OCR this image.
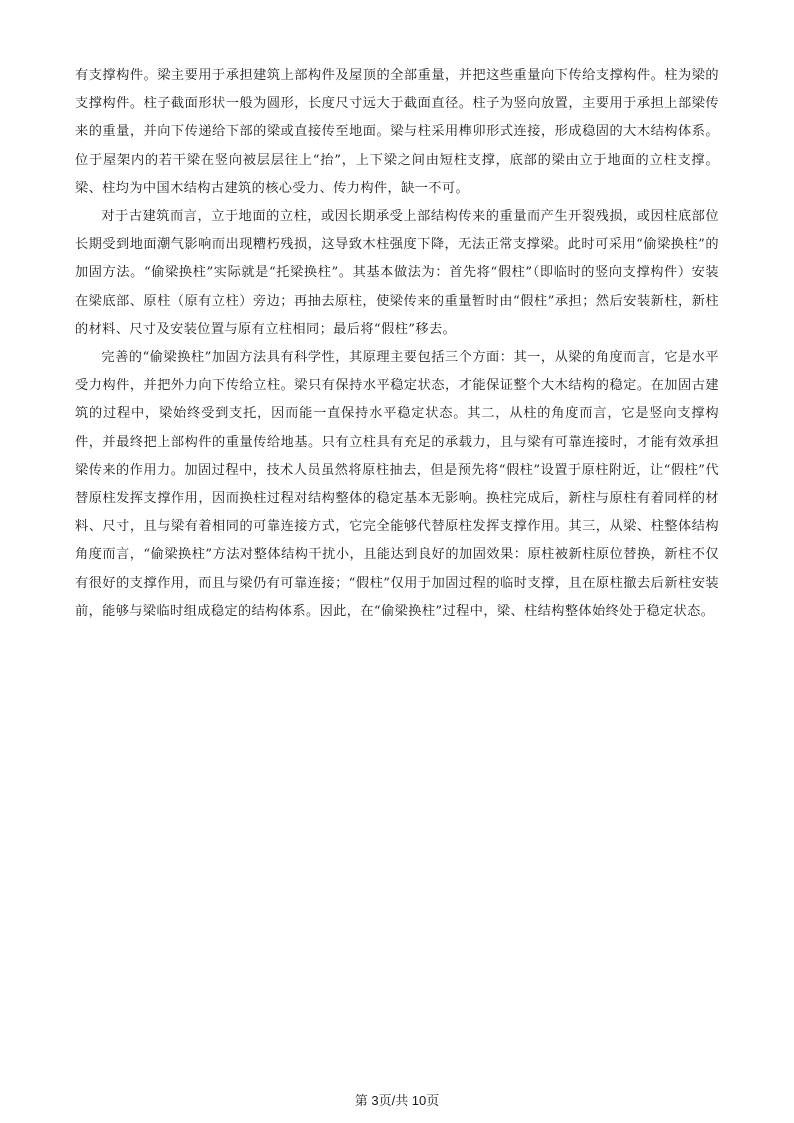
有支撑构件。梁主要用于承担建筑上部构件及屋顶的全部重量，并把这些重量向下传给支撑构件。柱为梁的支撑构件。柱子截面形状一般为圆形，长度尺寸远大于截面直径。柱子为竖向放置，主要用于承担上部梁传来的重量，并向下传递给下部的梁或直接传至地面。梁与柱采用榫卯形式连接，形成稳固的大木结构体系。位于屋架内的若干梁在竖向被层层往上“抬”，上下梁之间由短柱支撑，底部的梁由立于地面的立柱支撑。梁、柱均为中国木结构古建筑的核心受力、传力构件，缺一不可。

对于古建筑而言，立于地面的立柱，或因长期承受上部结构传来的重量而产生开裂残损，或因柱底部位长期受到地面潮气影响而出现糟朽残损，这导致木柱强度下降，无法正常支撑梁。此时可采用“偷梁换柱”的加固方法。“偷梁换柱”实际就是“托梁换柱”。其基本做法为：首先将“假柱”（即临时的竖向支撑构件）安装在梁底部、原柱（原有立柱）旁边；再抽去原柱，使梁传来的重量暂时由“假柱”承担；然后安装新柱，新柱的材料、尺寸及安装位置与原有立柱相同；最后将“假柱”移去。

完善的“偷梁换柱”加固方法具有科学性，其原理主要包括三个方面：其一，从梁的角度而言，它是水平受力构件，并把外力向下传给立柱。梁只有保持水平稳定状态，才能保证整个大木结构的稳定。在加固古建筑的过程中，梁始终受到支托，因而能一直保持水平稳定状态。其二，从柱的角度而言，它是竖向支撑构件，并最终把上部构件的重量传给地基。只有立柱具有充足的承载力，且与梁有可靠连接时，才能有效承担梁传来的作用力。加固过程中，技术人员虽然将原柱抽去，但是预先将“假柱”设置于原柱附近，让“假柱”代替原柱发挥支撑作用，因而换柱过程对结构整体的稳定基本无影响。换柱完成后，新柱与原柱有着同样的材料、尺寸，且与梁有着相同的可靠连接方式，它完全能够代替原柱发挥支撑作用。其三，从梁、柱整体结构角度而言，“偷梁换柱”方法对整体结构干扰小，且能达到良好的加固效果：原柱被新柱原位替换，新柱不仅有很好的支撑作用，而且与梁仍有可靠连接；“假柱”仅用于加固过程的临时支撑，且在原柱撤去后新柱安装前，能够与梁临时组成稳定的结构体系。因此，在“偷梁换柱”过程中，梁、柱结构整体始终处于稳定状态。

第 3页/共 10页
